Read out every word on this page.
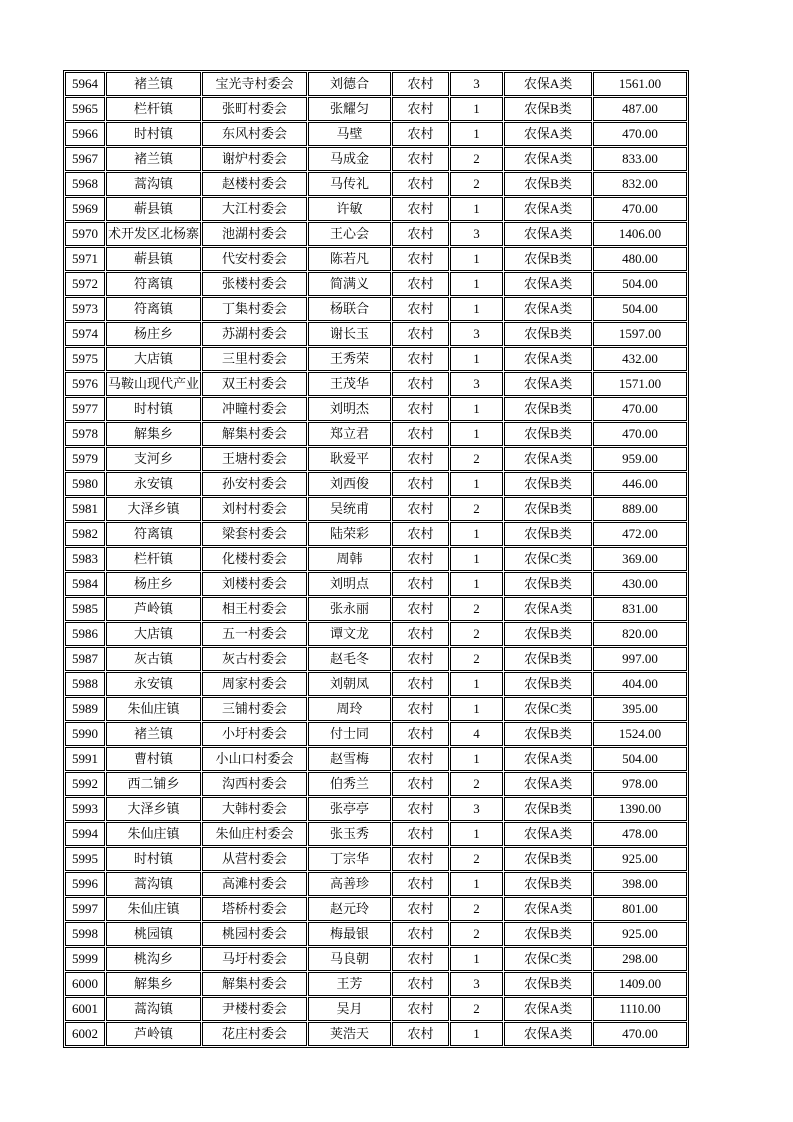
5964	褚兰镇	宝光寺村委会	刘德合	农村	3	农保A类	1561.00
5965	栏杆镇	张町村委会	张耀匀	农村	1	农保B类	487.00
5966	时村镇	东风村委会	马壁	农村	1	农保A类	470.00
5967	褚兰镇	谢炉村委会	马成金	农村	2	农保A类	833.00
5968	蒿沟镇	赵楼村委会	马传礼	农村	2	农保B类	832.00
5969	蕲县镇	大江村委会	许敏	农村	1	农保A类	470.00
5970	术开发区北杨寨	池湖村委会	王心会	农村	3	农保A类	1406.00
5971	蕲县镇	代安村委会	陈若凡	农村	1	农保B类	480.00
5972	符离镇	张楼村委会	简满义	农村	1	农保A类	504.00
5973	符离镇	丁集村委会	杨联合	农村	1	农保A类	504.00
5974	杨庄乡	苏湖村委会	谢长玉	农村	3	农保B类	1597.00
5975	大店镇	三里村委会	王秀荣	农村	1	农保A类	432.00
5976	马鞍山现代产业	双王村委会	王茂华	农村	3	农保A类	1571.00
5977	时村镇	冲瞳村委会	刘明杰	农村	1	农保B类	470.00
5978	解集乡	解集村委会	郑立君	农村	1	农保B类	470.00
5979	支河乡	王塘村委会	耿爱平	农村	2	农保A类	959.00
5980	永安镇	孙安村委会	刘西俊	农村	1	农保B类	446.00
5981	大泽乡镇	刘村村委会	吴统甫	农村	2	农保B类	889.00
5982	符离镇	梁套村委会	陆荣彩	农村	1	农保B类	472.00
5983	栏杆镇	化楼村委会	周韩	农村	1	农保C类	369.00
5984	杨庄乡	刘楼村委会	刘明点	农村	1	农保B类	430.00
5985	芦岭镇	相王村委会	张永丽	农村	2	农保A类	831.00
5986	大店镇	五一村委会	谭文龙	农村	2	农保B类	820.00
5987	灰古镇	灰古村委会	赵毛冬	农村	2	农保B类	997.00
5988	永安镇	周家村委会	刘朝凤	农村	1	农保B类	404.00
5989	朱仙庄镇	三铺村委会	周玲	农村	1	农保C类	395.00
5990	褚兰镇	小圩村委会	付士同	农村	4	农保B类	1524.00
5991	曹村镇	小山口村委会	赵雪梅	农村	1	农保A类	504.00
5992	西二铺乡	沟西村委会	伯秀兰	农村	2	农保A类	978.00
5993	大泽乡镇	大韩村委会	张亭亭	农村	3	农保B类	1390.00
5994	朱仙庄镇	朱仙庄村委会	张玉秀	农村	1	农保A类	478.00
5995	时村镇	从营村委会	丁宗华	农村	2	农保B类	925.00
5996	蒿沟镇	高滩村委会	高善珍	农村	1	农保B类	398.00
5997	朱仙庄镇	塔桥村委会	赵元玲	农村	2	农保A类	801.00
5998	桃园镇	桃园村委会	梅最银	农村	2	农保B类	925.00
5999	桃沟乡	马圩村委会	马良朝	农村	1	农保C类	298.00
6000	解集乡	解集村委会	王芳	农村	3	农保B类	1409.00
6001	蒿沟镇	尹楼村委会	吴月	农村	2	农保A类	1110.00
6002	芦岭镇	花庄村委会	荚浩天	农村	1	农保A类	470.00
